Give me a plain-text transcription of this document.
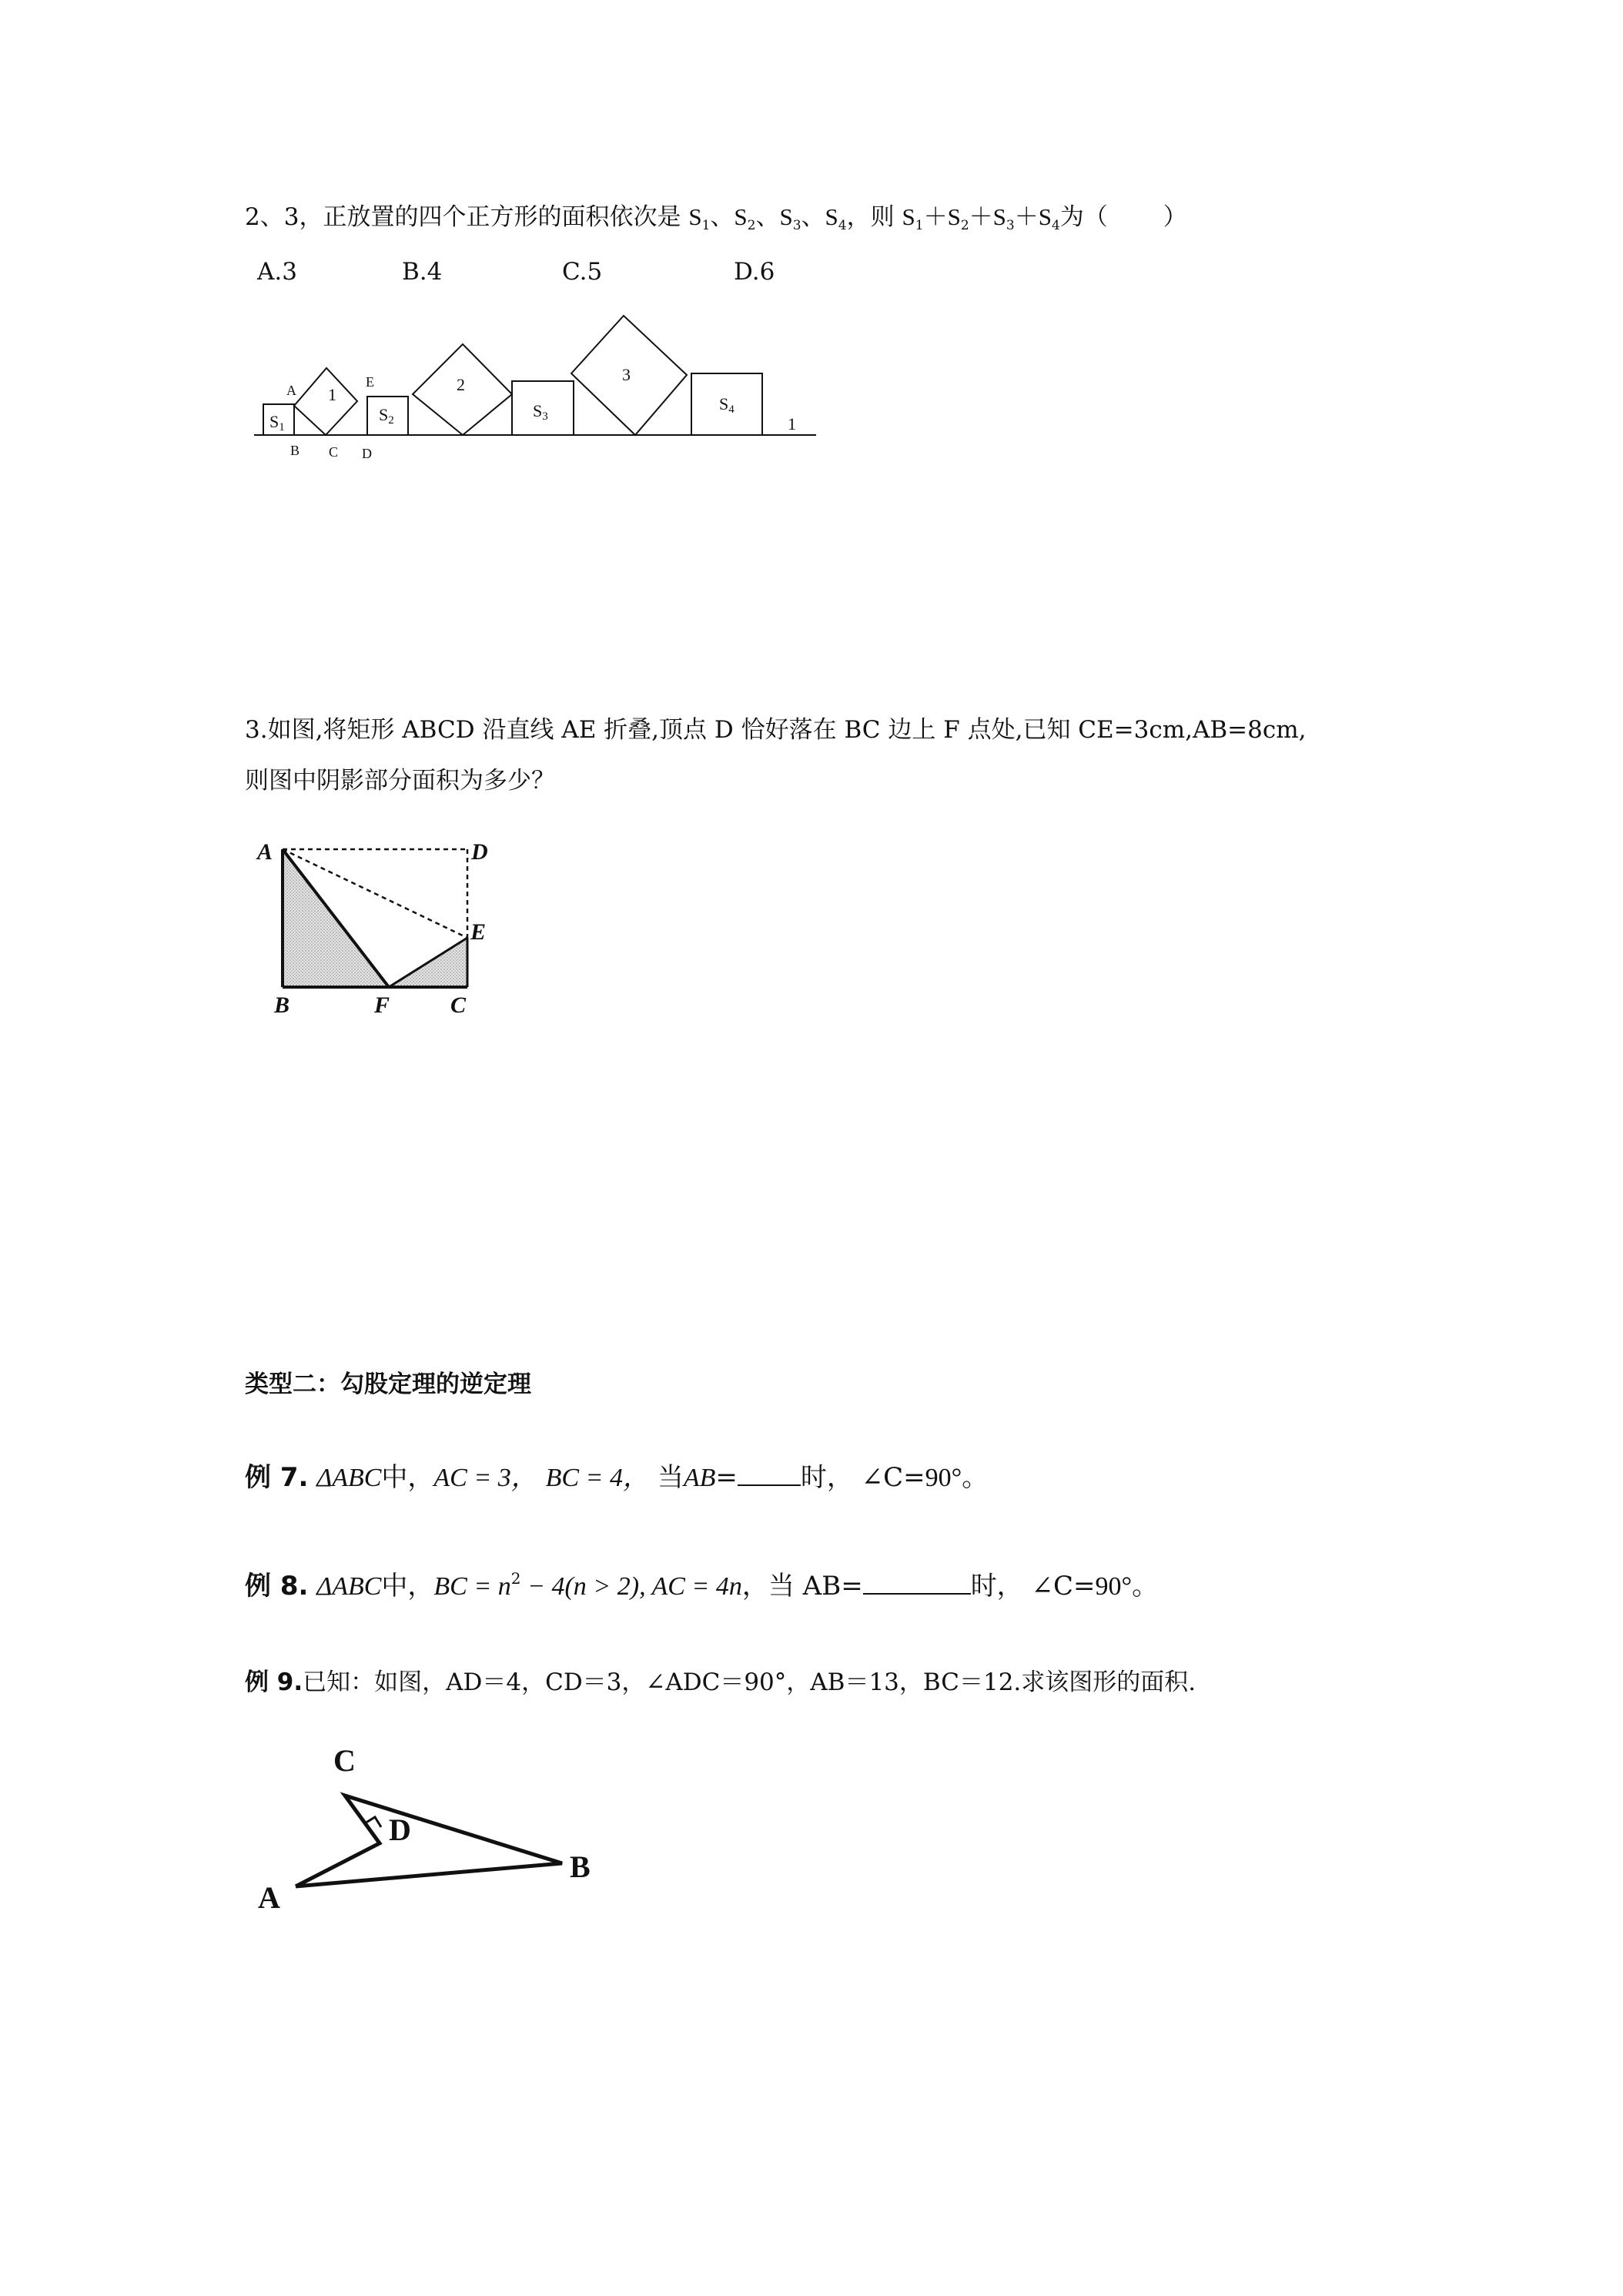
2、3，正放置的四个正方形的面积依次是 $S_1$、$S_2$、$S_3$、$S_4$，则 $S_1+S_2+S_3+S_4$为（ ）
A.3	B.4	C.5	D.6
A
B C D
E
1
2
3
1
S1
S2	S3
S4
3.如图,将矩形 ABCD 沿直线 AE 折叠,顶点 D 恰好落在 BC 边上 F 点处,已知 CE=3cm,AB=8cm,
则图中阴影部分面积为多少？
A	D
E
B	F	C
类型二：勾股定理的逆定理
例 7. ΔABC中，AC = 3， BC = 4， 当AB= 时， ∠C=90°。
例 8. ΔABC中，BC = $n^2 - 4(n > 2)$, AC = 4n，当 AB=	时， ∠C=90°。
例 9.已知：如图，AD＝4，CD＝3，∠ADC＝90°，AB＝13，BC＝12.求该图形的面积.
C
D
A
B
